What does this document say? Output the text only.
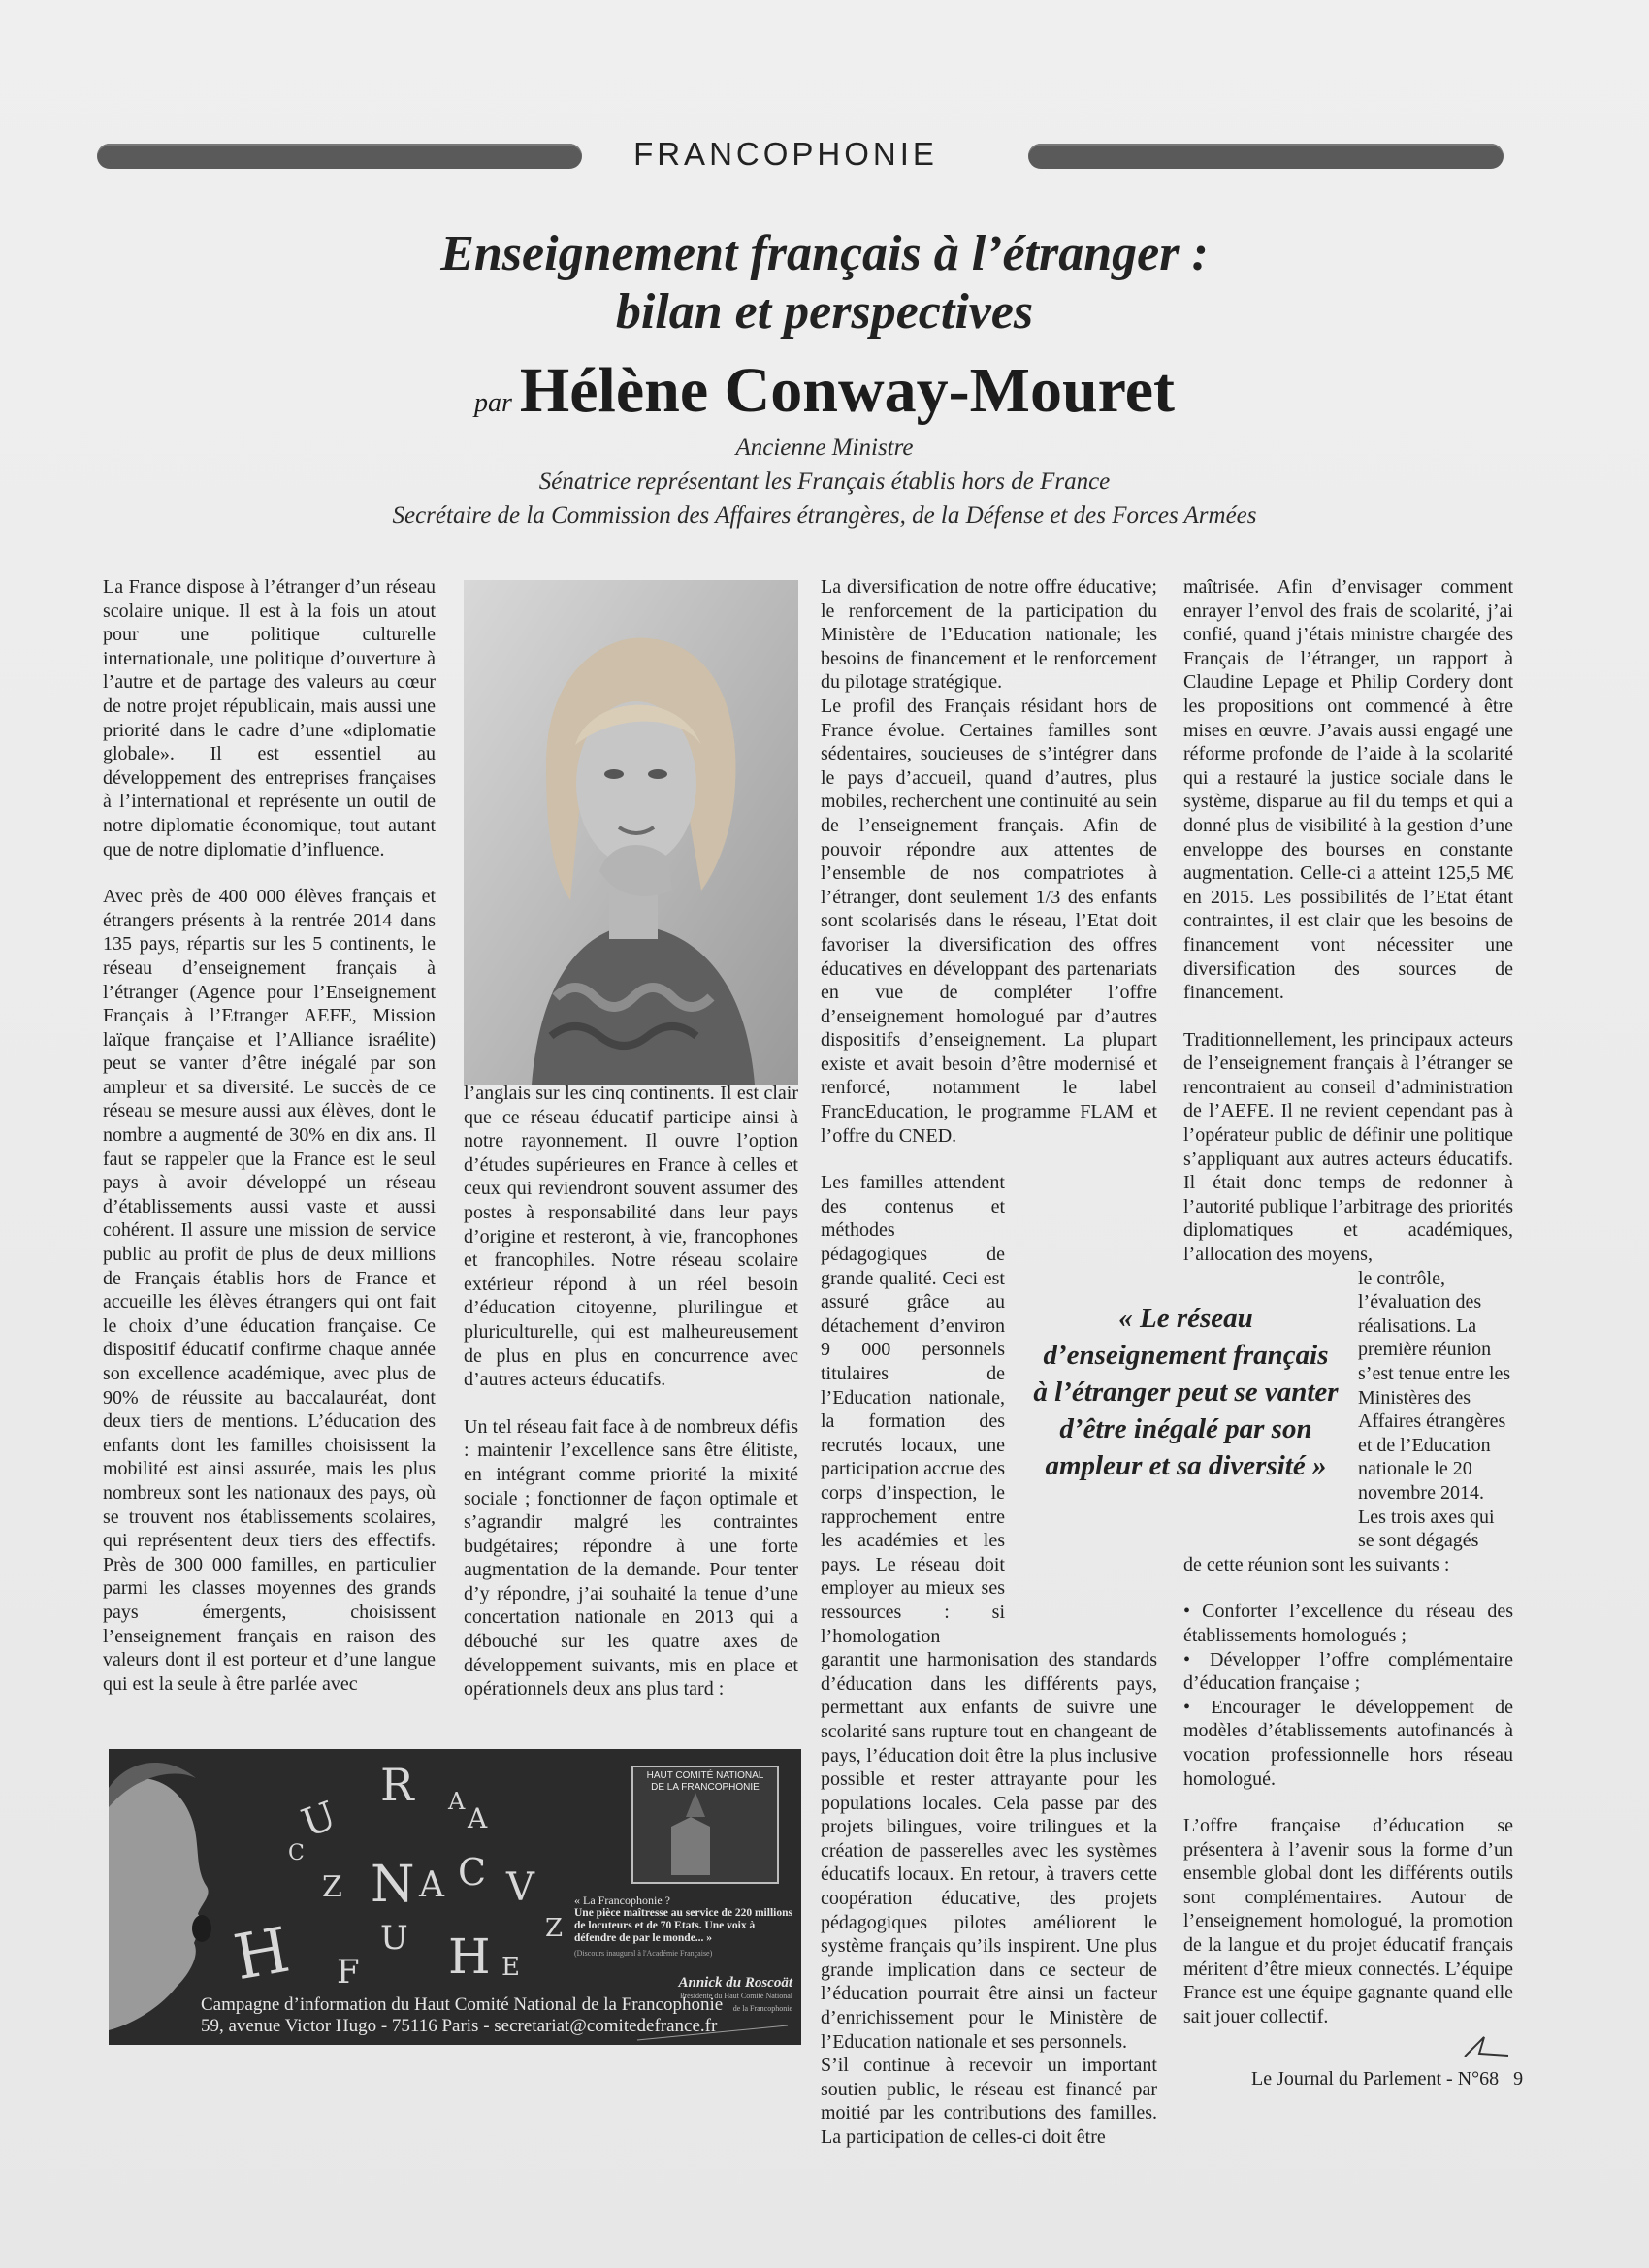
FRANCOPHONIE
Enseignement français à l’étranger :
bilan et perspectives
par Hélène Conway-Mouret
Ancienne Ministre
Sénatrice représentant les Français établis hors de France
Secrétaire de la Commission des Affaires étrangères, de la Défense et des Forces Armées

La France dispose à l’étranger d’un réseau scolaire unique. Il est à la fois un atout pour une politique culturelle internationale, une politique d’ouverture à l’autre et de partage des valeurs au cœur de notre projet républicain, mais aussi une priorité dans le cadre d’une «diplomatie globale». Il est essentiel au développement des entreprises françaises à l’international et représente un outil de notre diplomatie économique, tout autant que de notre diplomatie d’influence.

Avec près de 400 000 élèves français et étrangers présents à la rentrée 2014 dans 135 pays, répartis sur les 5 continents, le réseau d’enseignement français à l’étranger (Agence pour l’Enseignement Français à l’Etranger AEFE, Mission laïque française et l’Alliance israélite) peut se vanter d’être inégalé par son ampleur et sa diversité. Le succès de ce réseau se mesure aussi aux élèves, dont le nombre a augmenté de 30% en dix ans. Il faut se rappeler que la France est le seul pays à avoir développé un réseau d’établissements aussi vaste et aussi cohérent. Il assure une mission de service public au profit de plus de deux millions de Français établis hors de France et accueille les élèves étrangers qui ont fait le choix d’une éducation française. Ce dispositif éducatif confirme chaque année son excellence académique, avec plus de 90% de réussite au baccalauréat, dont deux tiers de mentions. L’éducation des enfants dont les familles choisissent la mobilité est ainsi assurée, mais les plus nombreux sont les nationaux des pays, où se trouvent nos établissements scolaires, qui représentent deux tiers des effectifs. Près de 300 000 familles, en particulier parmi les classes moyennes des grands pays émergents, choisissent l’enseignement français en raison des valeurs dont il est porteur et d’une langue qui est la seule à être parlée avec

l’anglais sur les cinq continents. Il est clair que ce réseau éducatif participe ainsi à notre rayonnement. Il ouvre l’option d’études supérieures en France à celles et ceux qui reviendront souvent assumer des postes à responsabilité dans leur pays d’origine et resteront, à vie, francophones et francophiles. Notre réseau scolaire extérieur répond à un réel besoin d’éducation citoyenne, plurilingue et pluriculturelle, qui est malheureusement de plus en plus en concurrence avec d’autres acteurs éducatifs.

Un tel réseau fait face à de nombreux défis : maintenir l’excellence sans être élitiste, en intégrant comme priorité la mixité sociale ; fonctionner de façon optimale et s’agrandir malgré les contraintes budgétaires; répondre à une forte augmentation de la demande. Pour tenter d’y répondre, j’ai souhaité la tenue d’une concertation nationale en 2013 qui a débouché sur les quatre axes de développement suivants, mis en place et opérationnels deux ans plus tard :

La diversification de notre offre éducative; le renforcement de la participation du Ministère de l’Education nationale; les besoins de financement et le renforcement du pilotage stratégique.

Le profil des Français résidant hors de France évolue. Certaines familles sont sédentaires, soucieuses de s’intégrer dans le pays d’accueil, quand d’autres, plus mobiles, recherchent une continuité au sein de l’enseignement français. Afin de pouvoir répondre aux attentes de l’ensemble de nos compatriotes à l’étranger, dont seulement 1/3 des enfants sont scolarisés dans le réseau, l’Etat doit favoriser la diversification des offres éducatives en développant des partenariats en vue de compléter l’offre d’enseignement homologué par d’autres dispositifs d’enseignement. La plupart existe et avait besoin d’être modernisé et renforcé, notamment le label FrancEducation, le programme FLAM et l’offre du CNED.

Les familles attendent des contenus et méthodes pédagogiques de grande qualité. Ceci est assuré grâce au détachement d’environ 9 000 personnels titulaires de l’Education nationale, la formation des recrutés locaux, une participation accrue des corps d’inspection, le rapprochement entre les académies et les pays. Le réseau doit employer au mieux ses ressources : si l’homologation

garantit une harmonisation des standards d’éducation dans les différents pays, permettant aux enfants de suivre une scolarité sans rupture tout en changeant de pays, l’éducation doit être la plus inclusive possible et rester attrayante pour les populations locales. Cela passe par des projets bilingues, voire trilingues et la création de passerelles avec les systèmes éducatifs locaux. En retour, à travers cette coopération éducative, des projets pédagogiques pilotes améliorent le système français qu’ils inspirent. Une plus grande implication dans ce secteur de l’éducation pourrait être ainsi un facteur d’enrichissement pour le Ministère de l’Education nationale et ses personnels.

S’il continue à recevoir un important soutien public, le réseau est financé par moitié par les contributions des familles. La participation de celles-ci doit être

« Le réseau d’enseignement français à l’étranger peut se vanter d’être inégalé par son ampleur et sa diversité »

maîtrisée. Afin d’envisager comment enrayer l’envol des frais de scolarité, j’ai confié, quand j’étais ministre chargée des Français de l’étranger, un rapport à Claudine Lepage et Philip Cordery dont les propositions ont commencé à être mises en œuvre. J’avais aussi engagé une réforme profonde de l’aide à la scolarité qui a restauré la justice sociale dans le système, disparue au fil du temps et qui a donné plus de visibilité à la gestion d’une enveloppe des bourses en constante augmentation. Celle-ci a atteint 125,5 M€ en 2015. Les possibilités de l’Etat étant contraintes, il est clair que les besoins de financement vont nécessiter une diversification des sources de financement.

Traditionnellement, les principaux acteurs de l’enseignement français à l’étranger se rencontraient au conseil d’administration de l’AEFE. Il ne revient cependant pas à l’opérateur public de définir une politique s’appliquant aux autres acteurs éducatifs. Il était donc temps de redonner à l’autorité publique l’arbitrage des priorités diplomatiques et académiques, l’allocation des moyens,

le contrôle, l’évaluation des réalisations. La première réunion s’est tenue entre les Ministères des Affaires étrangères et de l’Education nationale le 20 novembre 2014. Les trois axes qui se sont dégagés

de cette réunion sont les suivants :

• Conforter l’excellence du réseau des établissements homologués ;

• Développer l’offre complémentaire d’éducation française ;

• Encourager le développement de modèles d’établissements autofinancés à vocation professionnelle hors réseau homologué.

L’offre française d’éducation se présentera à l’avenir sous la forme d’un ensemble global dont les différents outils sont complémentaires. Autour de l’enseignement homologué, la promotion de la langue et du projet éducatif français méritent d’être mieux connectés. L’équipe France est une équipe gagnante quand elle sait jouer collectif.

R A
U
Z N A C V
U H
F	E
H
A
C
Z
HAUT COMITÉ NATIONAL
DE LA FRANCOPHONIE
« La Francophonie ?
Une pièce maîtresse au service de 220 millions de locuteurs et de 70 Etats. Une voix à défendre de par le monde... »
(Discours inaugural à l'Académie Française)
Annick du Roscoät
Présidente du Haut Comité National
de la Francophonie
Campagne d’information du Haut Comité National de la Francophonie
59, avenue Victor Hugo - 75116 Paris - secretariat@comitedefrance.fr
Le Journal du Parlement - N°68 9
